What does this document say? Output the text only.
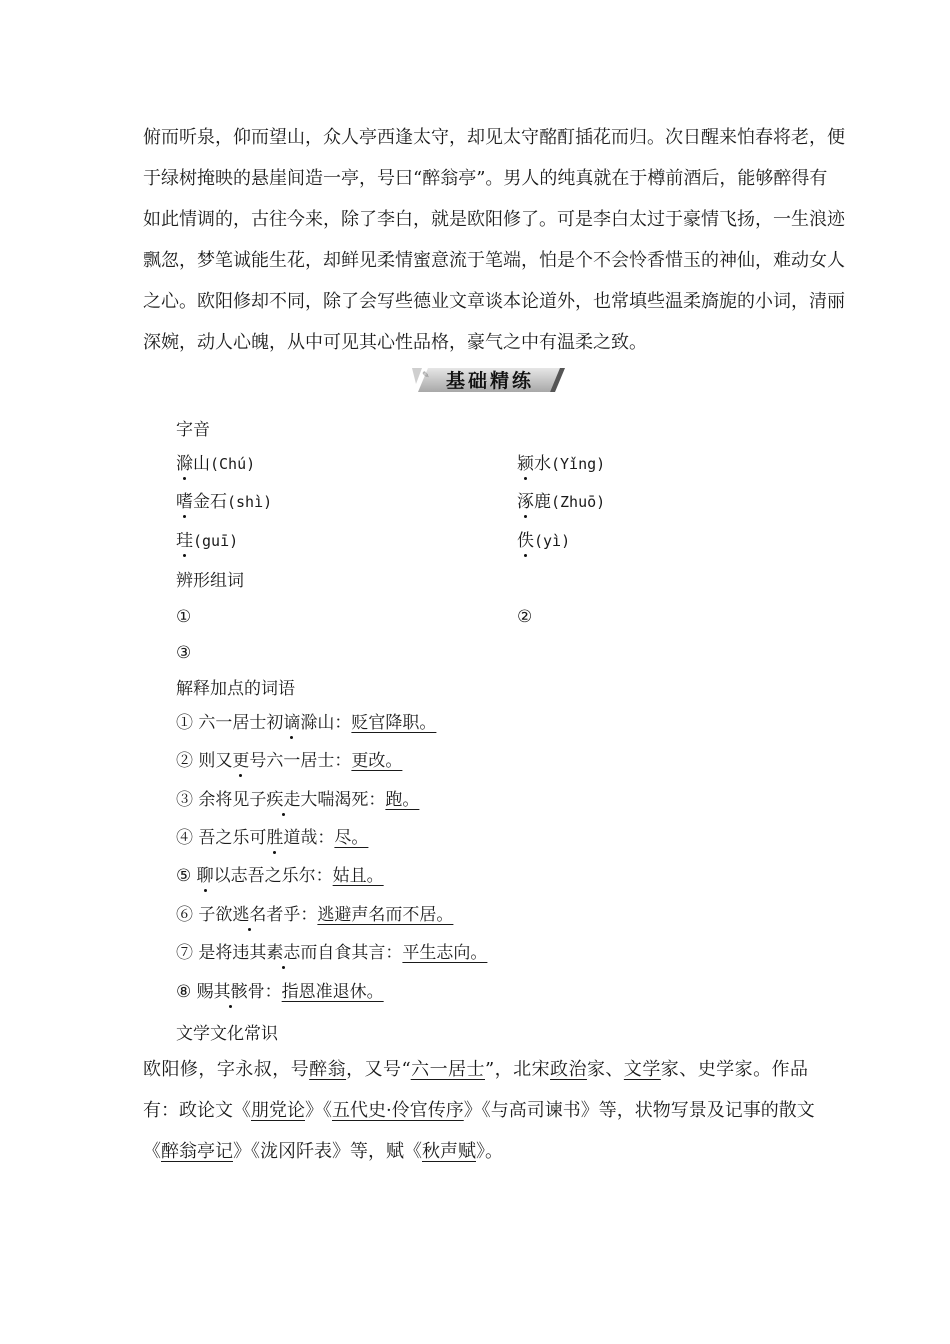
俯而听泉，仰而望山，众人亭西逢太守，却见太守酩酊插花而归。次日醒来怕春将老，便
于绿树掩映的悬崖间造一亭，号曰“醉翁亭”。男人的纯真就在于樽前酒后，能够醉得有
如此情调的，古往今来，除了李白，就是欧阳修了。可是李白太过于豪情飞扬，一生浪迹
飘忽，梦笔诚能生花，却鲜见柔情蜜意流于笔端，怕是个不会怜香惜玉的神仙，难动女人
之心。欧阳修却不同，除了会写些德业文章谈本论道外，也常填些温柔旖旎的小词，清丽
深婉，动人心魄，从中可见其心性品格，豪气之中有温柔之致。
✎ 基础精练
字音
滁山(Chú)	颍水(Yǐng)
嗜金石(shì)	涿鹿(Zhuō)
珪(guī)	佚(yì)
辨形组词
①	②
③
解释加点的词语
① 六一居士初谪滁山：贬官降职。
② 则又更号六一居士：更改。
③ 余将见子疾走大喘渴死：跑。
④ 吾之乐可胜道哉：尽。
⑤ 聊以志吾之乐尔：姑且。
⑥ 子欲逃名者乎：逃避声名而不居。
⑦ 是将违其素志而自食其言：平生志向。
⑧ 赐其骸骨：指恩准退休。
文学文化常识
欧阳修，字永叔，号醉翁，又号“六一居士”，北宋政治家、文学家、史学家。作品
有：政论文《朋党论》《五代史·伶官传序》《与高司谏书》等，状物写景及记事的散文
《醉翁亭记》《泷冈阡表》等，赋《秋声赋》。
